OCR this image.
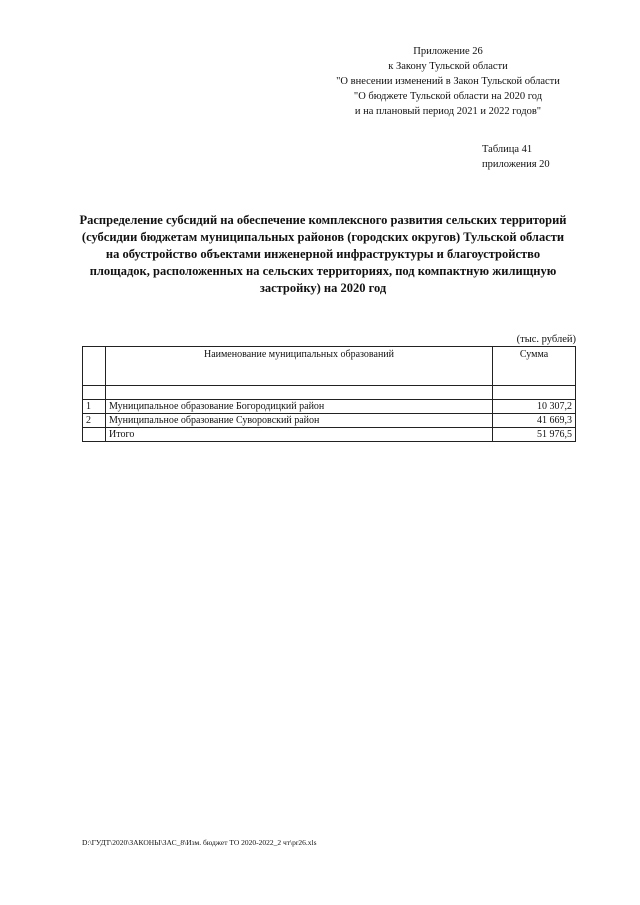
Приложение 26
к Закону Тульской области
"О внесении изменений в Закон Тульской области
"О бюджете Тульской области на 2020 год
и на плановый период 2021 и 2022 годов"
Таблица 41
приложения 20
Распределение субсидий на обеспечение комплексного развития сельских территорий
(субсидии бюджетам муниципальных районов (городских округов) Тульской области
на обустройство объектами инженерной инфраструктуры и благоустройство
площадок, расположенных на сельских территориях, под компактную жилищную
застройку) на 2020 год
(тыс. рублей)
	Наименование муниципальных образований	Сумма

1	Муниципальное образование Богородицкий район	10 307,2
2	Муниципальное образование Суворовский район	41 669,3
	Итого	51 976,5
D:\ГУДТ\2020\ЗАКОНЫ\ЗАС_8\Изм. бюджет ТО 2020-2022_2 чт\pr26.xls
